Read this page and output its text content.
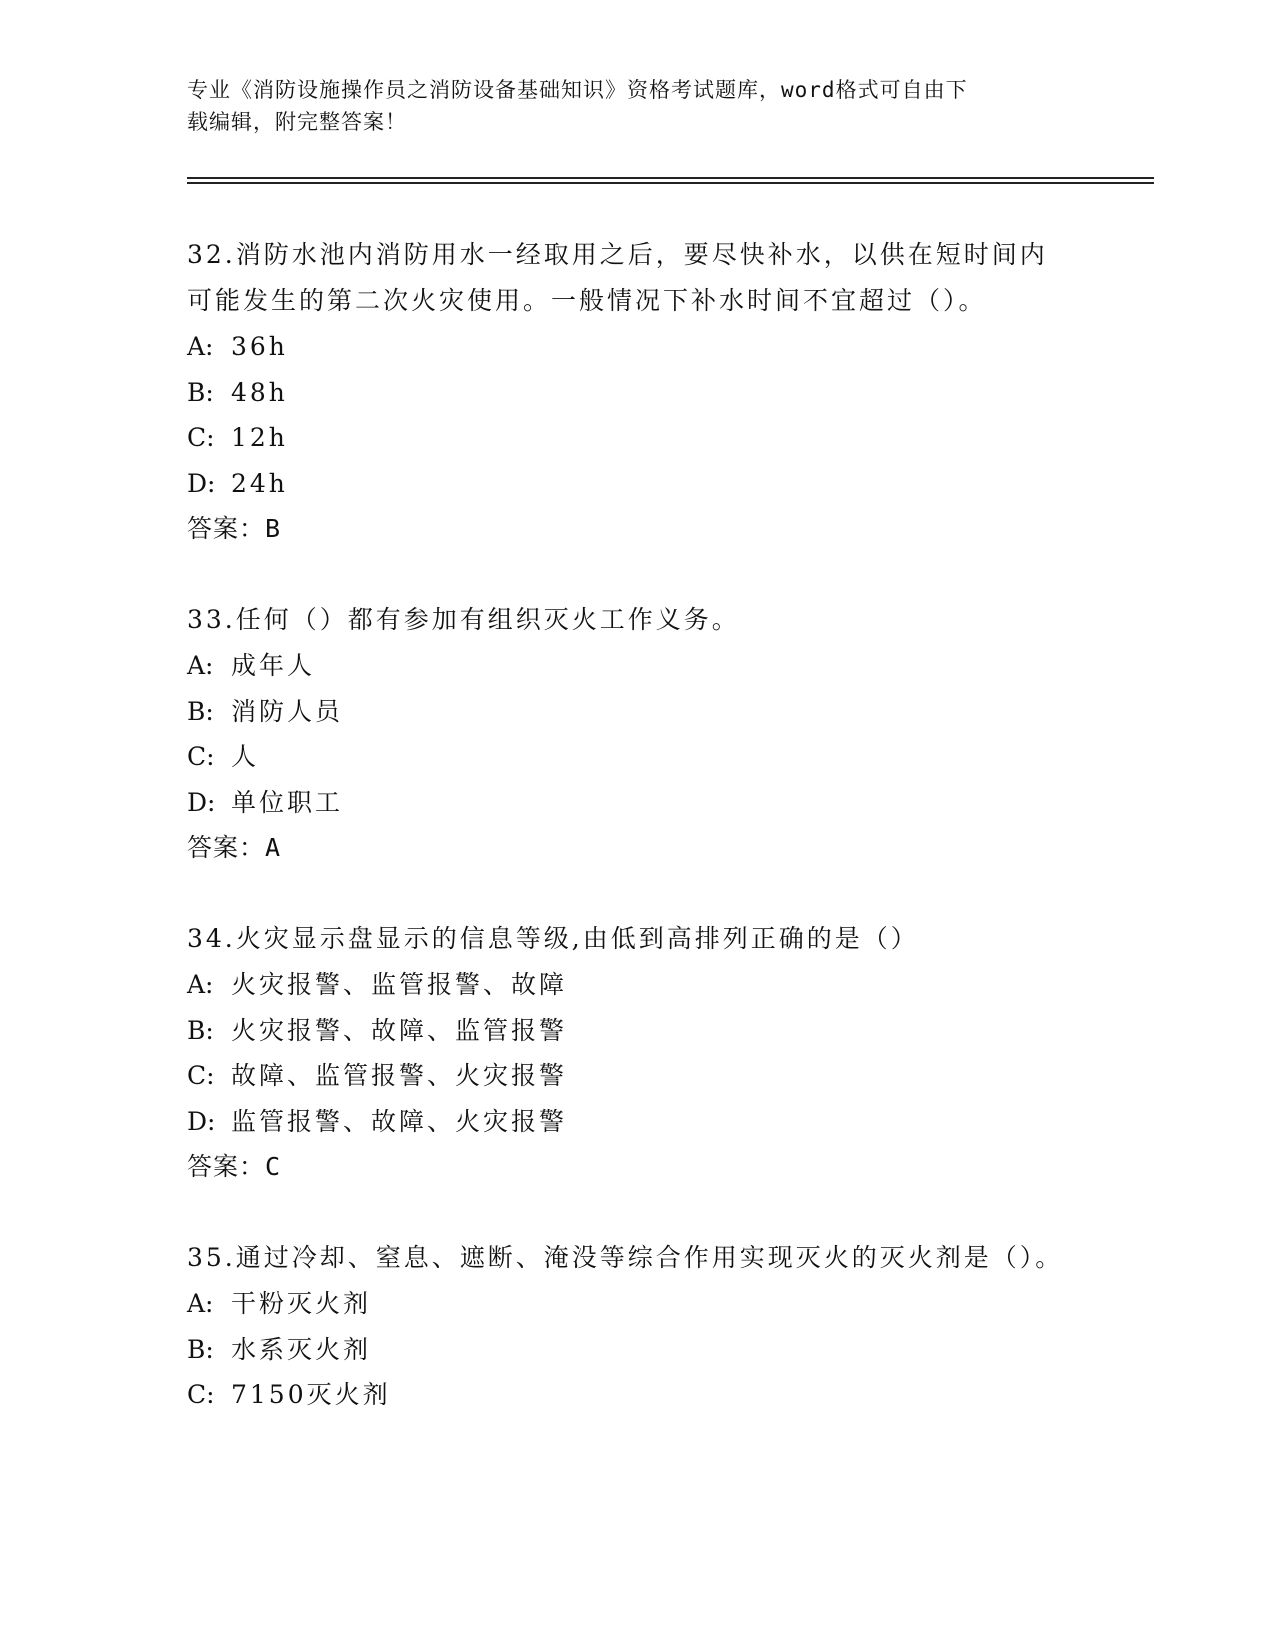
专业《消防设施操作员之消防设备基础知识》资格考试题库，word格式可自由下
载编辑，附完整答案！

32.消防水池内消防用水一经取用之后，要尽快补水，以供在短时间内可能发生的第二次火灾使用。一般情况下补水时间不宜超过（）。

A: 36h
B: 48h
C: 12h
D: 24h
答案：B

33.任何（）都有参加有组织灭火工作义务。

A: 成年人
B: 消防人员
C: 人
D: 单位职工
答案：A

34.火灾显示盘显示的信息等级,由低到高排列正确的是（）

A: 火灾报警、监管报警、故障
B: 火灾报警、故障、监管报警
C: 故障、监管报警、火灾报警
D: 监管报警、故障、火灾报警
答案：C

35.通过冷却、窒息、遮断、淹没等综合作用实现灭火的灭火剂是（）。

A: 干粉灭火剂
B: 水系灭火剂
C: 7150灭火剂
